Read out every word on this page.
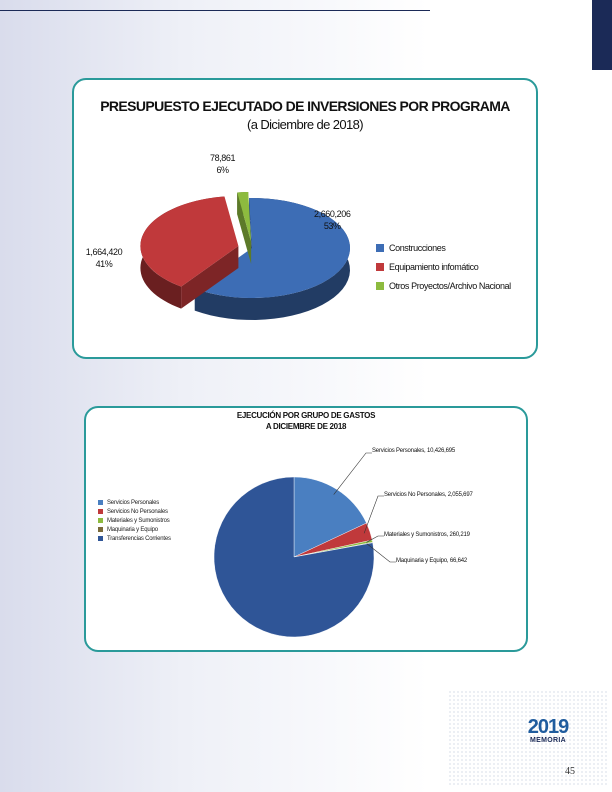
PRESUPUESTO EJECUTADO DE INVERSIONES POR PROGRAMA
(a Diciembre de 2018)
78,861
6%
2,660,206
53%
1,664,420
41%
Construcciones
Equipamiento infomático
Otros Proyectos/Archivo Nacional
EJECUCIÓN POR GRUPO DE GASTOS
A DICIEMBRE DE 2018
Servicios Personales, 10,426,695
Servicios No Personales, 2,055,697
Materiales y Sumonistros, 260,219
Maquinaria y Equipo, 66,642
Servicios Personales
Servicios No Personales
Materiales y Sumonistros
Maquinaria y Equipo
Transferencias Corrientes
2019
MEMORIA
45
